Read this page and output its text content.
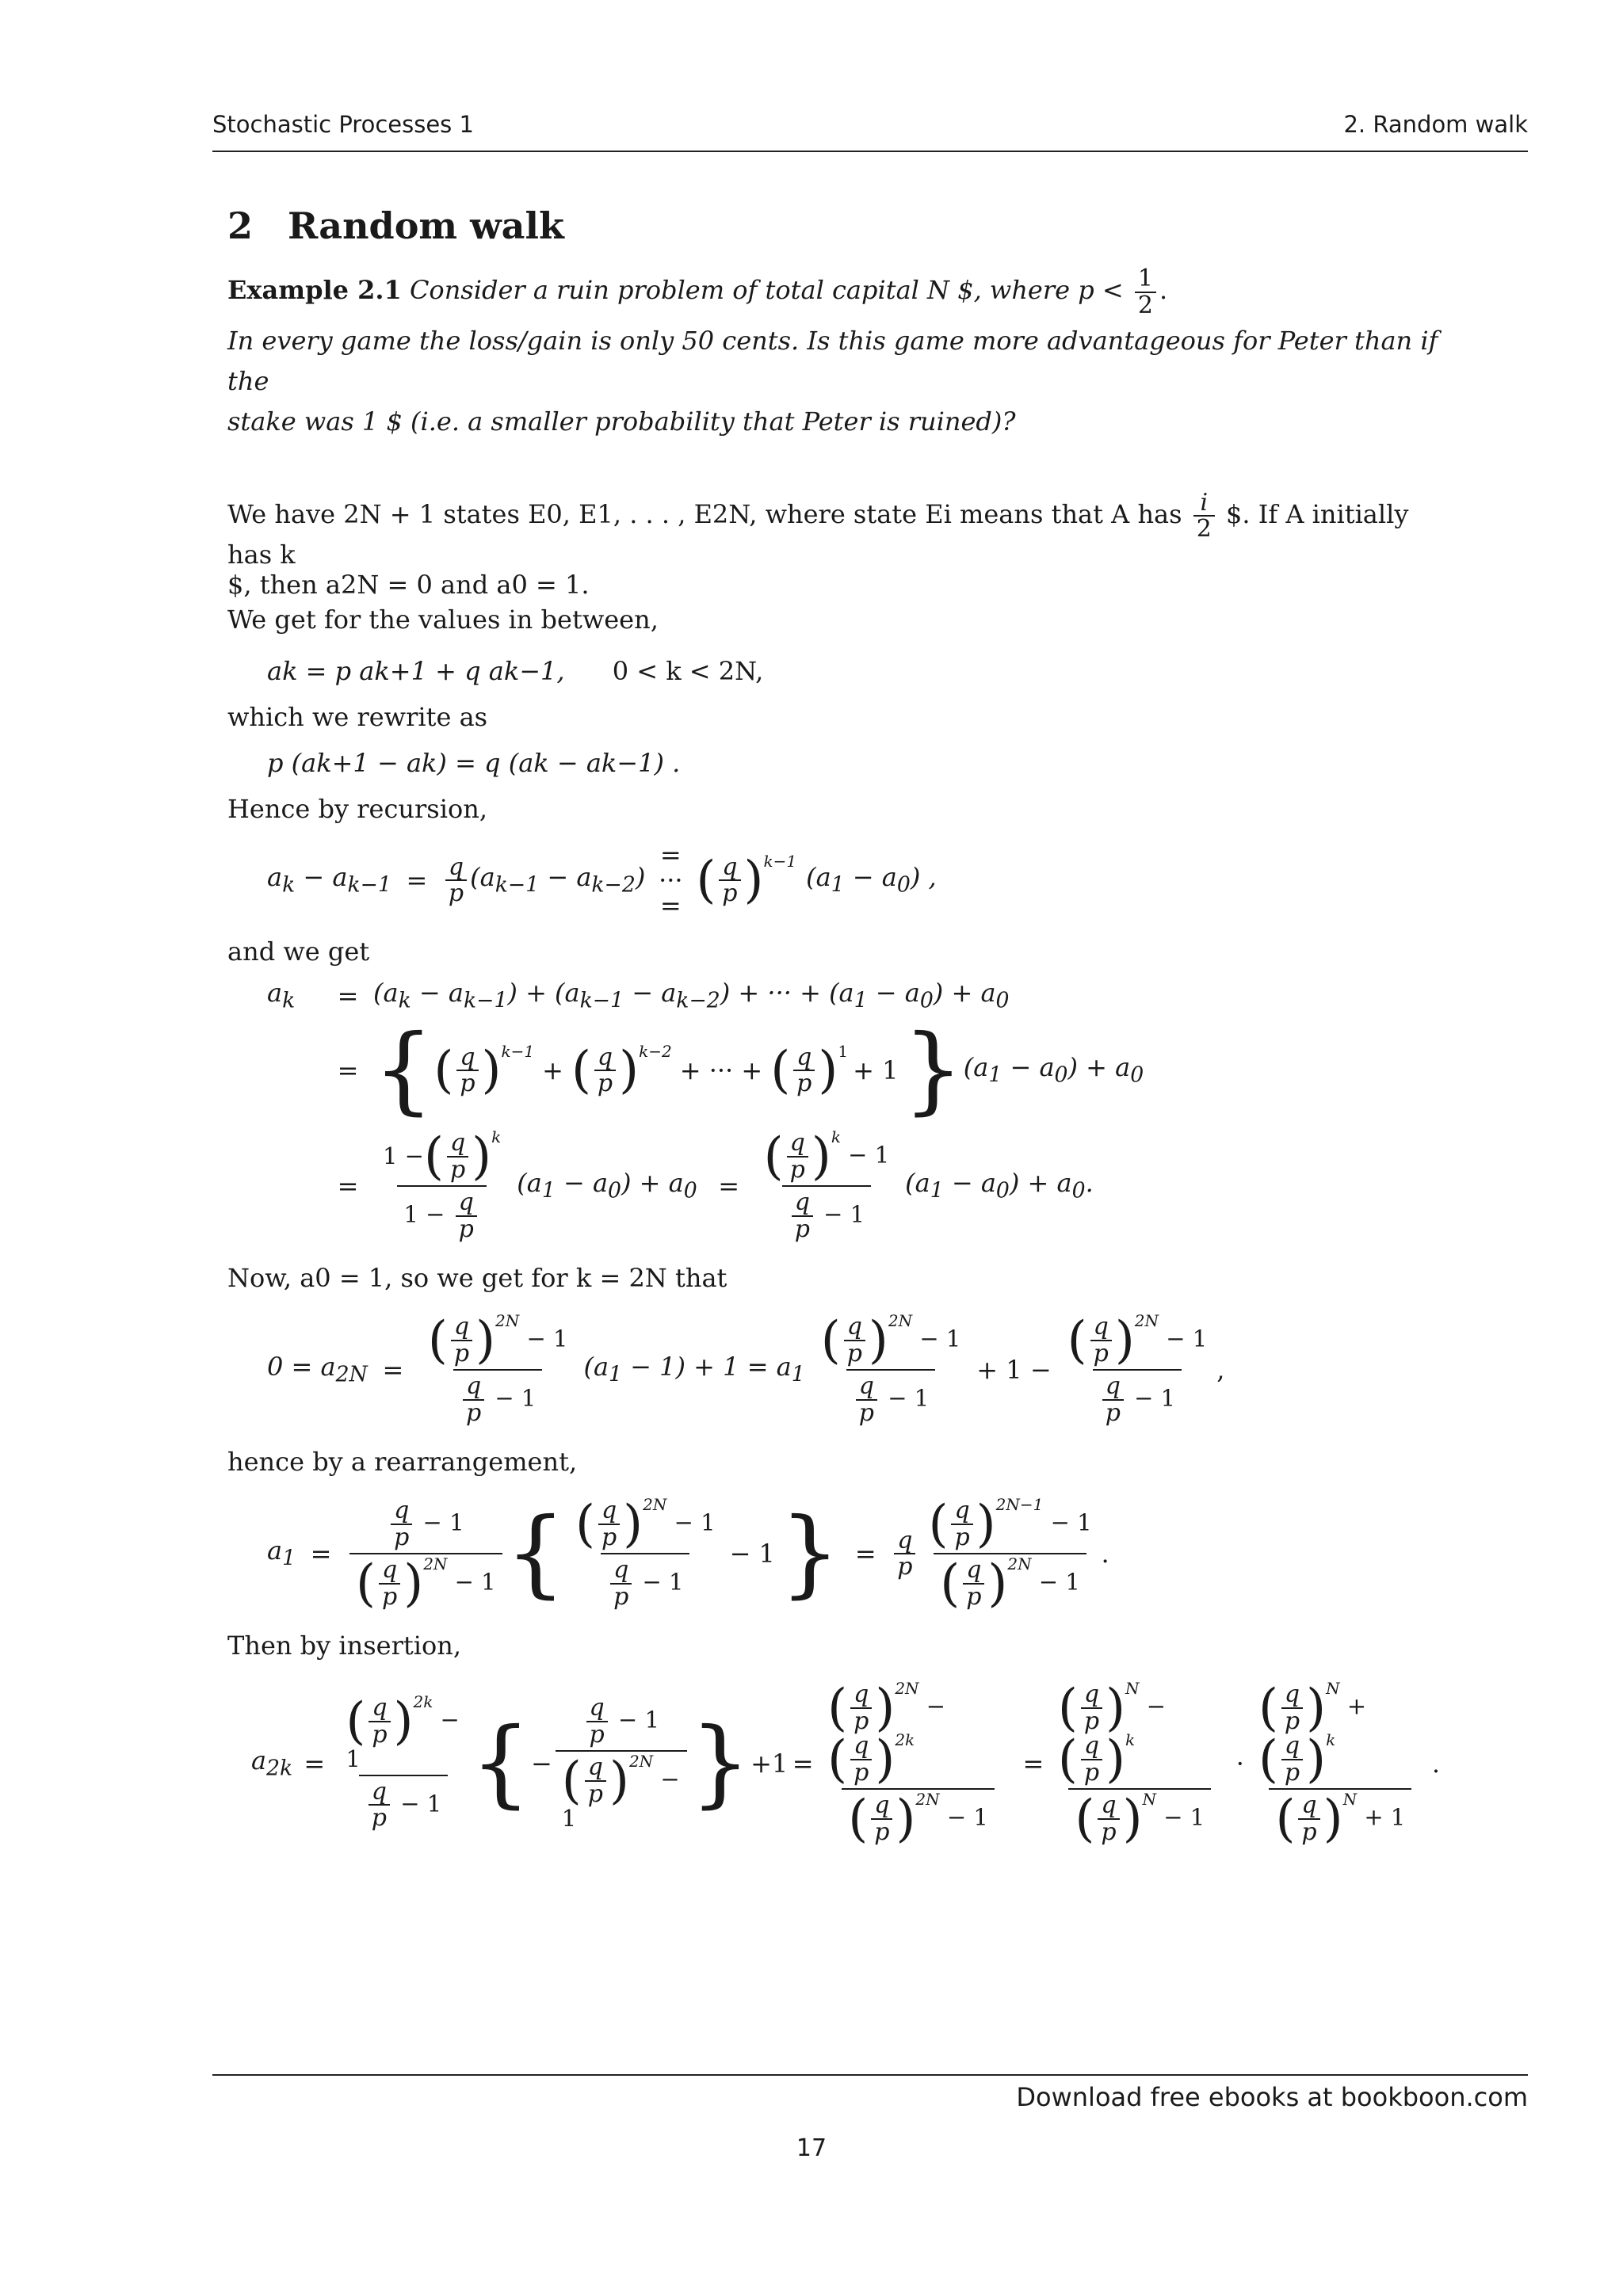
Stochastic Processes 1	2. Random walk
2 Random walk

Example 2.1 Consider a ruin problem of total capital N $, where $p < \frac{1}{2}$ .

In every game the loss/gain is only 50 cents. Is this game more advantageous for Peter than if the

stake was 1 $ (i.e. a smaller probability that Peter is ruined)?

We have 2N + 1 states E0, E1, . . . , E2N, where state Ei means that A has $\frac{i}{2}$ $. If A initially has k

$, then a2N = 0 and a0 = 1.

We get for the values in between,

ak = p ak+1 + q ak−1, 0 < k < 2N,

which we rewrite as

p (ak+1 − ak) = q (ak − ak−1) .

Hence by recursion,

$a_k - a_{k-1} = \frac{q}{p} (a_{k-1} - a_{k-2})$
= ··· = ( $\frac{q}{p}$ ) k−1
$(a_1 - a_0)$ ,

and we get

$a_k$	= $(a_k - a_{k-1}) + (a_{k-1} - a_{k-2})$ + ··· + $(a_1 - a_0) + a_0$
= { ( $\frac{q}{p}$ ) k−1
+ ( $\frac{q}{p}$ ) k−2
+ ··· + ( $\frac{q}{p}$ ) 1
+ 1 } $(a_1 - a_0) + a_0$
= $\frac{1 - ( \frac{q}{p} ) k}{1 - \frac{q}{p}} (a_1 - a_0) + a_0$ = ( $\frac{q}{p}$ ) k
− 1
$\frac{q}{p} - 1$ $(a_1 - a_0) + a_0$.

Now, a0 = 1, so we get for k = 2N that

$0 = a_{2N}$ = ( $\frac{q}{p}$ ) 2N
− 1
$\frac{q}{p} - 1$ $(a_1 - 1) + 1 = a_1$ ( $\frac{q}{p}$ ) 2N
− 1
$\frac{q}{p} - 1 + 1$ − ( $\frac{q}{p}$ ) 2N
− 1
$\frac{q}{p} - 1$ ,

hence by a rearrangement,

$a_1 = \frac{q}{p} - 1$
( $\frac{q}{p}$ ) 2N
− 1 { ( $\frac{q}{p}$ ) 2N
− 1
$\frac{q}{p} - 1 - 1$ } = $\frac{q}{p}$ ( $\frac{q}{p}$ ) 2N−1
− 1
( $\frac{q}{p}$ ) 2N
− 1 .

Then by insertion,

$a_{2k}$ = ( $\frac{q}{p}$ ) 2k
− 1
$\frac{q}{p} - 1$ { − $\frac{q}{p} - 1$
( $\frac{q}{p}$ ) 2N
− 1 } +1 = ( $\frac{q}{p}$ ) 2N
−
( $\frac{q}{p}$ ) 2k
( $\frac{q}{p}$ ) 2N
− 1 = ( $\frac{q}{p}$ ) N
−
( $\frac{q}{p}$ ) k
( $\frac{q}{p}$ ) N
− 1 · ( $\frac{q}{p}$ ) N
+
( $\frac{q}{p}$ ) k
( $\frac{q}{p}$ ) N
+ 1 .
Download free ebooks at bookboon.com
17
